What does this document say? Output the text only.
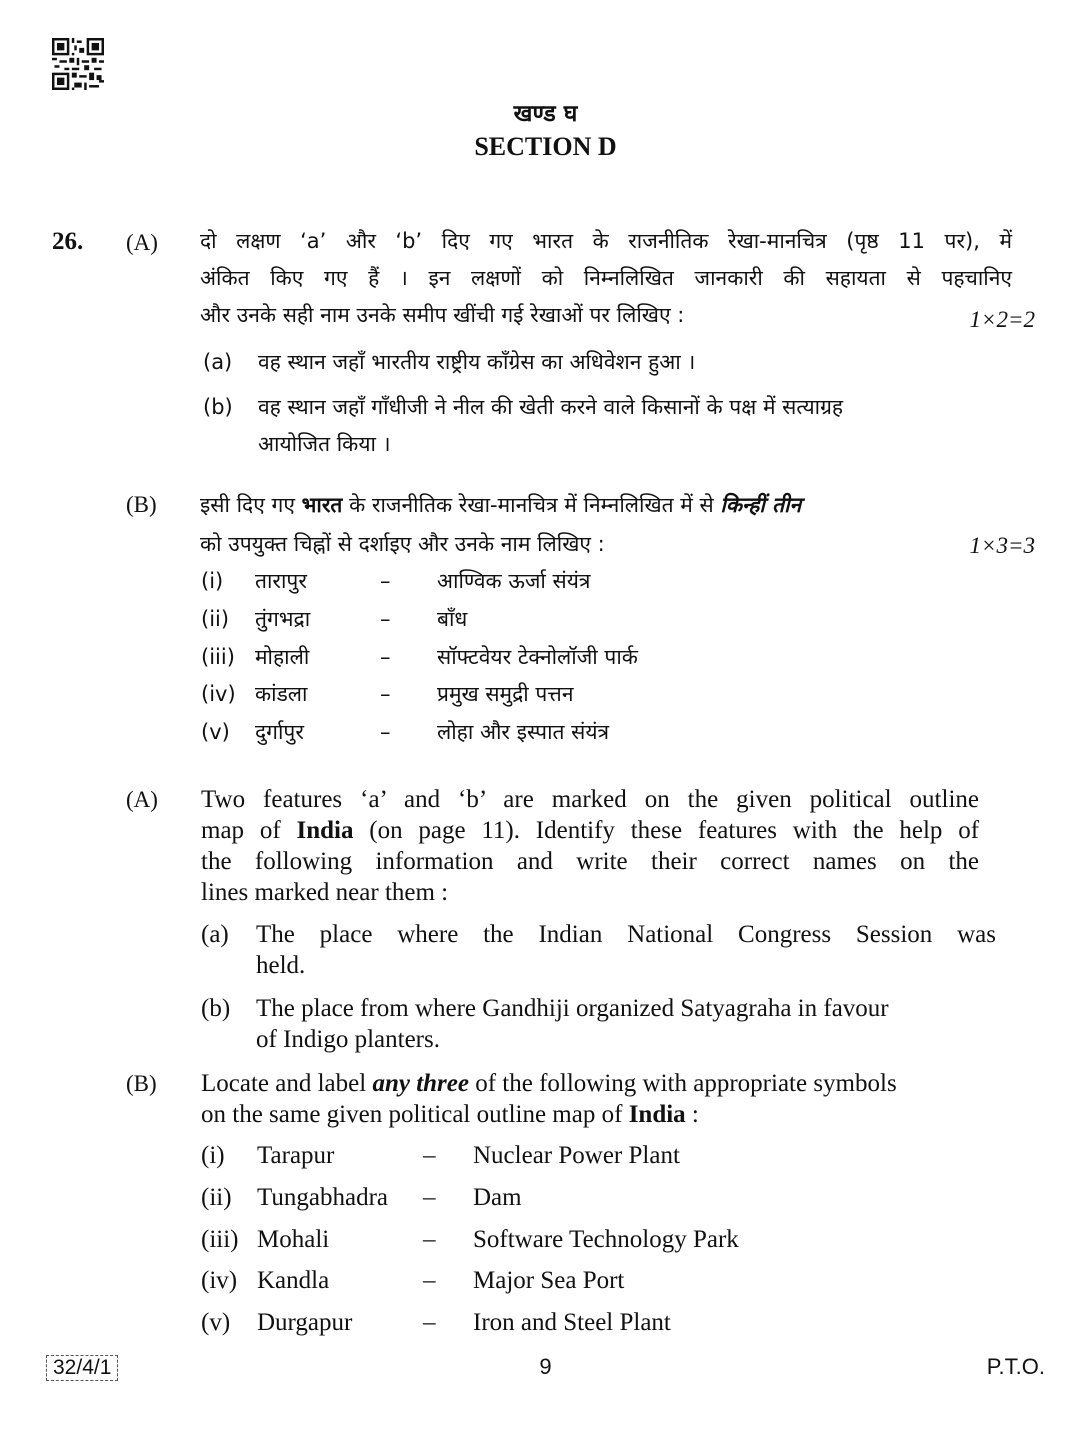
खण्ड घ
SECTION D
26. (A) दो लक्षण ‘a’ और ‘b’ दिए गए भारत के राजनीतिक रेखा-मानचित्र (पृष्ठ 11 पर), में

अंकित किए गए हैं । इन लक्षणों को निम्नलिखित जानकारी की सहायता से पहचानिए

और उनके सही नाम उनके समीप खींची गई रेखाओं पर लिखिए :	1×2=2
(a) वह स्थान जहाँ भारतीय राष्ट्रीय काँग्रेस का अधिवेशन हुआ ।
(b) वह स्थान जहाँ गाँधीजी ने नील की खेती करने वाले किसानों के पक्ष में सत्याग्रह
आयोजित किया ।
(B) इसी दिए गए भारत के राजनीतिक रेखा-मानचित्र में निम्नलिखित में से किन्हीं तीन
को उपयुक्त चिह्नों से दर्शाइए और उनके नाम लिखिए :	1×3=3
(i) तारापुर	– आण्विक ऊर्जा संयंत्र
(ii) तुंगभद्रा	– बाँध
(iii) मोहाली	– सॉफ्टवेयर टेक्नोलॉजी पार्क
(iv) कांडला	– प्रमुख समुद्री पत्तन
(v) दुर्गापुर	– लोहा और इस्पात संयंत्र
(A) Two features ‘a’ and ‘b’ are marked on the given political outline

map of India (on page 11). Identify these features with the help of

the following information and write their correct names on the

lines marked near them :

(a) The place where the Indian National Congress Session was
held.
(b) The place from where Gandhiji organized Satyagraha in favour
of Indigo planters.
(B) Locate and label any three of the following with appropriate symbols
on the same given political outline map of India :
(i) Tarapur	– Nuclear Power Plant
(ii) Tungabhadra – Dam
(iii) Mohali	– Software Technology Park
(iv) Kandla	– Major Sea Port
(v) Durgapur	– Iron and Steel Plant
32/4/1	9	P.T.O.
